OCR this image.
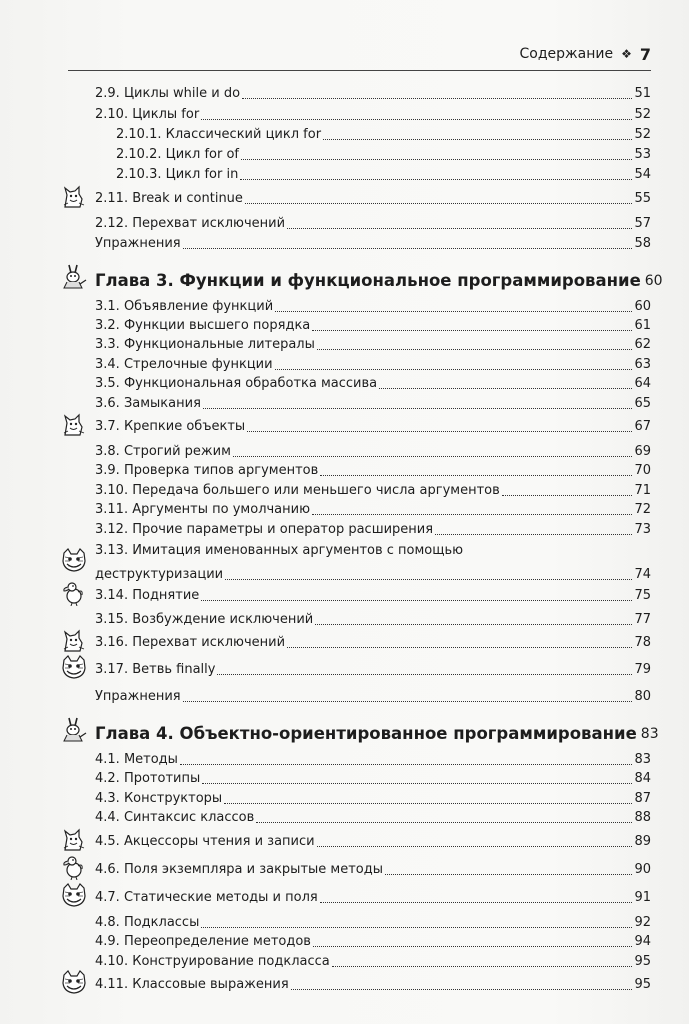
Содержание ❖ 7
2.9. Циклы while и do	51
2.10. Циклы for	52
2.10.1. Классический цикл for	52
2.10.2. Цикл for of	53
2.10.3. Цикл for in	54
2.11. Break и continue	55
2.12. Перехват исключений	57
Упражнения	58
Глава 3. Функции и функциональное программирование 60
3.1. Объявление функций	60
3.2. Функции высшего порядка	61
3.3. Функциональные литералы	62
3.4. Стрелочные функции	63
3.5. Функциональная обработка массива	64
3.6. Замыкания	65
3.7. Крепкие объекты	67
3.8. Строгий режим	69
3.9. Проверка типов аргументов	70
3.10. Передача большего или меньшего числа аргументов	71
3.11. Аргументы по умолчанию	72
3.12. Прочие параметры и оператор расширения	73
3.13. Имитация именованных аргументов с помощью
деструктуризации	74
3.14. Поднятие	75
3.15. Возбуждение исключений	77
3.16. Перехват исключений	78
3.17. Ветвь finally	79
Упражнения	80
Глава 4. Объектно-ориентированное программирование 83
4.1. Методы	83
4.2. Прототипы	84
4.3. Конструкторы	87
4.4. Синтаксис классов	88
4.5. Акцессоры чтения и записи	89
4.6. Поля экземпляра и закрытые методы	90
4.7. Статические методы и поля	91
4.8. Подклассы	92
4.9. Переопределение методов	94
4.10. Конструирование подкласса	95
4.11. Классовые выражения	95
